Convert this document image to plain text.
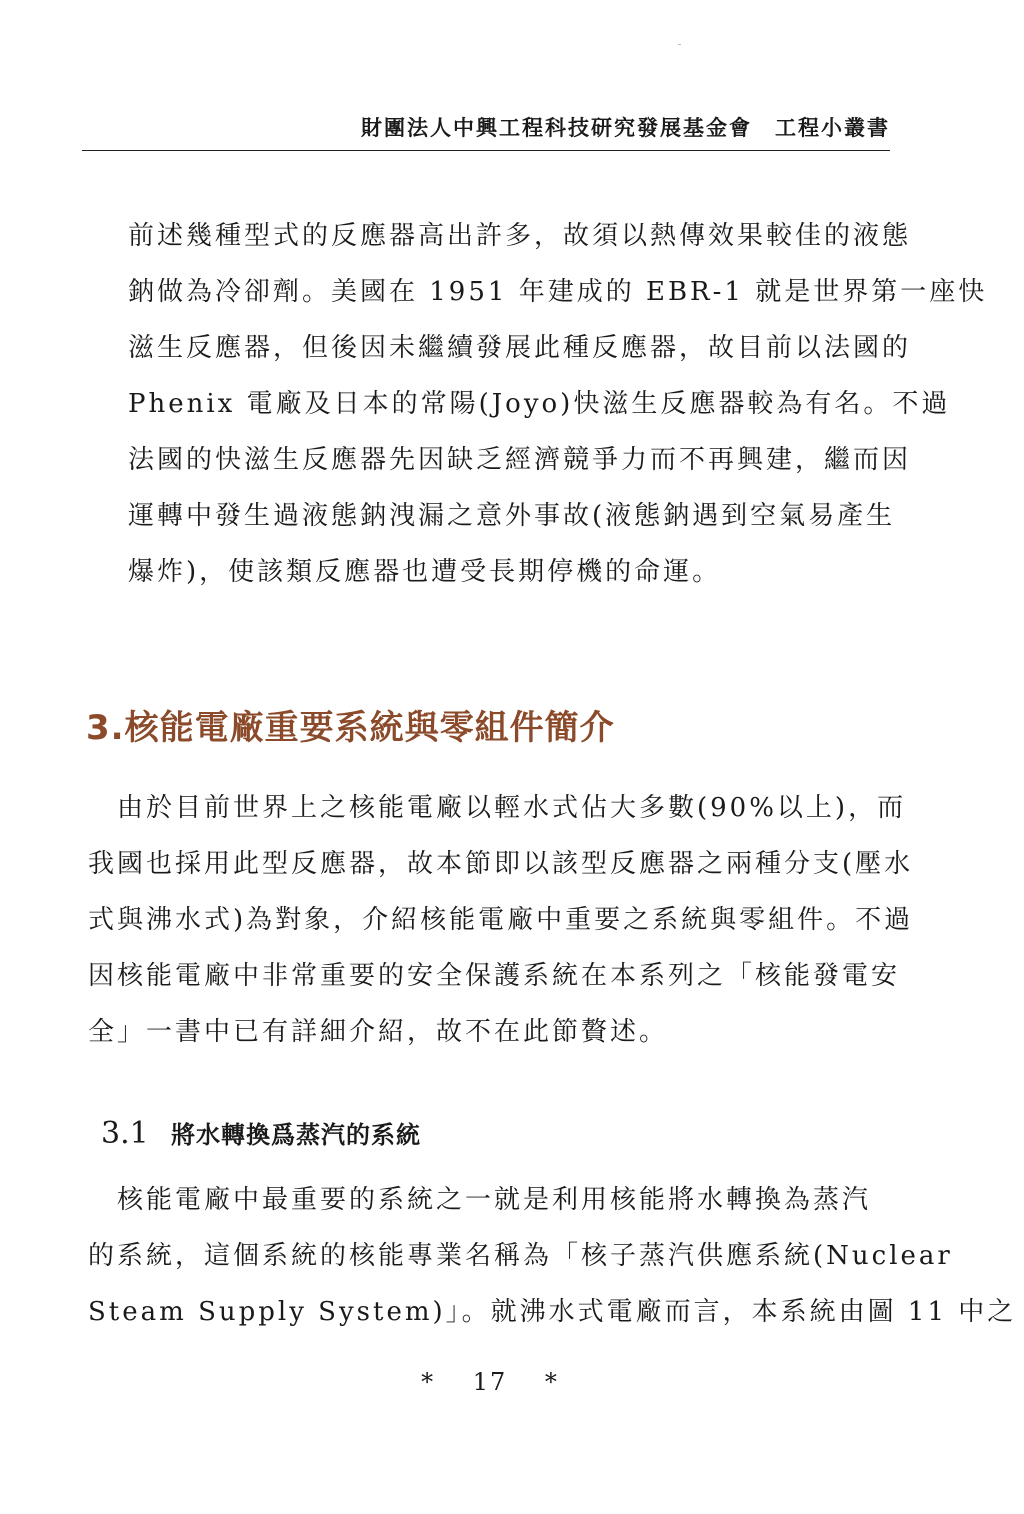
財團法人中興工程科技研究發展基金會　工程小叢書

前述幾種型式的反應器高出許多，故須以熱傳效果較佳的液態
鈉做為冷卻劑。美國在 1951 年建成的 EBR-1 就是世界第一座快
滋生反應器，但後因未繼續發展此種反應器，故目前以法國的
Phenix 電廠及日本的常陽(Joyo)快滋生反應器較為有名。不過
法國的快滋生反應器先因缺乏經濟競爭力而不再興建，繼而因
運轉中發生過液態鈉洩漏之意外事故(液態鈉遇到空氣易產生
爆炸)，使該類反應器也遭受長期停機的命運。

3.核能電廠重要系統與零組件簡介

　由於目前世界上之核能電廠以輕水式佔大多數(90%以上)，而
我國也採用此型反應器，故本節即以該型反應器之兩種分支(壓水
式與沸水式)為對象，介紹核能電廠中重要之系統與零組件。不過
因核能電廠中非常重要的安全保護系統在本系列之「核能發電安
全」一書中已有詳細介紹，故不在此節贅述。

3.1 將水轉換爲蒸汽的系統

　核能電廠中最重要的系統之一就是利用核能將水轉換為蒸汽
的系統，這個系統的核能專業名稱為「核子蒸汽供應系統(Nuclear
Steam Supply System)」。就沸水式電廠而言，本系統由圖 11 中之

* 17 *
